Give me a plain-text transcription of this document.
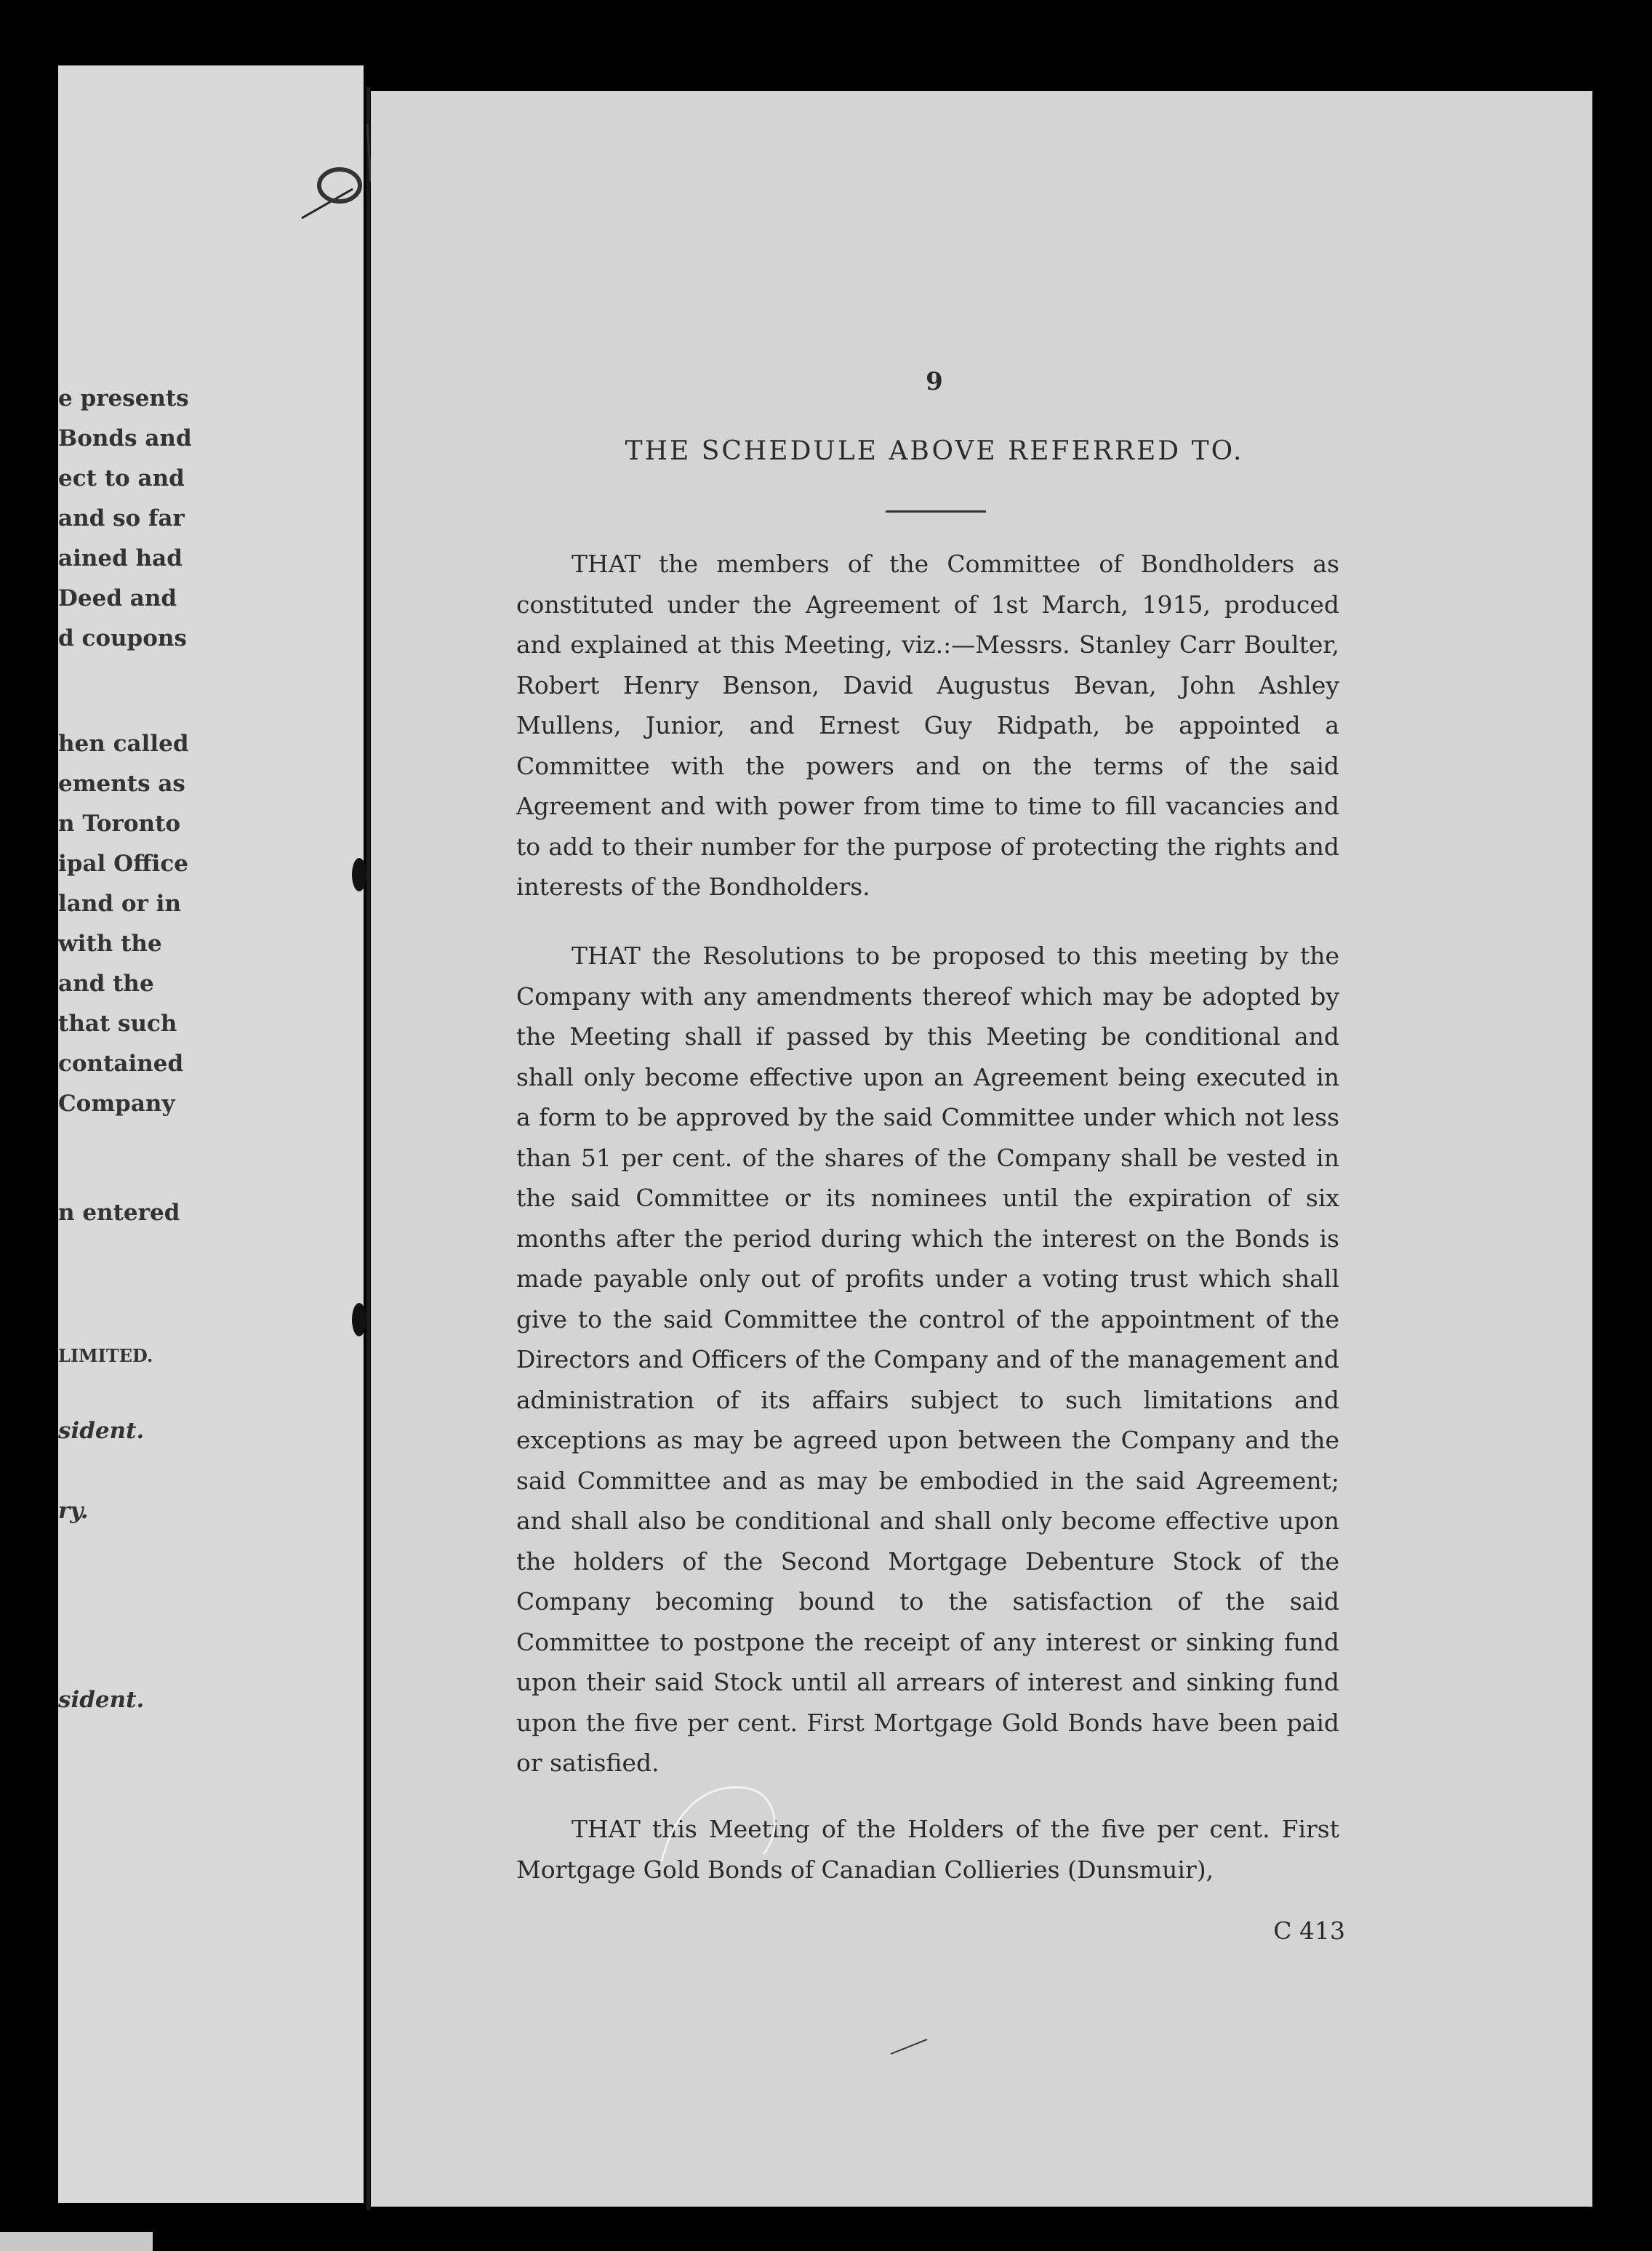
e presents
Bonds and
ect to and
and so far
ained had
Deed and
d coupons
hen called
ements as
n Toronto
ipal Office
land or in
with the
and the
that such
contained
Company
n entered
LIMITED.
sident.
ry.
sident.
9
THE SCHEDULE ABOVE REFERRED TO.

THAT the members of the Committee of Bondholders as constituted under the Agreement of 1st March, 1915, produced and explained at this Meeting, viz.:—Messrs. Stanley Carr Boulter, Robert Henry Benson, David Augustus Bevan, John Ashley Mullens, Junior, and Ernest Guy Ridpath, be appointed a Committee with the powers and on the terms of the said Agreement and with power from time to time to fill vacancies and to add to their number for the purpose of protecting the rights and interests of the Bondholders.

THAT the Resolutions to be proposed to this meeting by the Company with any amendments thereof which may be adopted by the Meeting shall if passed by this Meeting be conditional and shall only become effective upon an Agreement being executed in a form to be approved by the said Committee under which not less than 51 per cent. of the shares of the Company shall be vested in the said Committee or its nominees until the expiration of six months after the period during which the interest on the Bonds is made payable only out of profits under a voting trust which shall give to the said Committee the control of the appointment of the Directors and Officers of the Company and of the management and administration of its affairs subject to such limitations and exceptions as may be agreed upon between the Company and the said Committee and as may be embodied in the said Agreement; and shall also be conditional and shall only become effective upon the holders of the Second Mortgage Debenture Stock of the Company becoming bound to the satisfaction of the said Committee to postpone the receipt of any interest or sinking fund upon their said Stock until all arrears of interest and sinking fund upon the five per cent. First Mortgage Gold Bonds have been paid or satisfied.

THAT this Meeting of the Holders of the five per cent. First Mortgage Gold Bonds of Canadian Collieries (Dunsmuir),

C 413
